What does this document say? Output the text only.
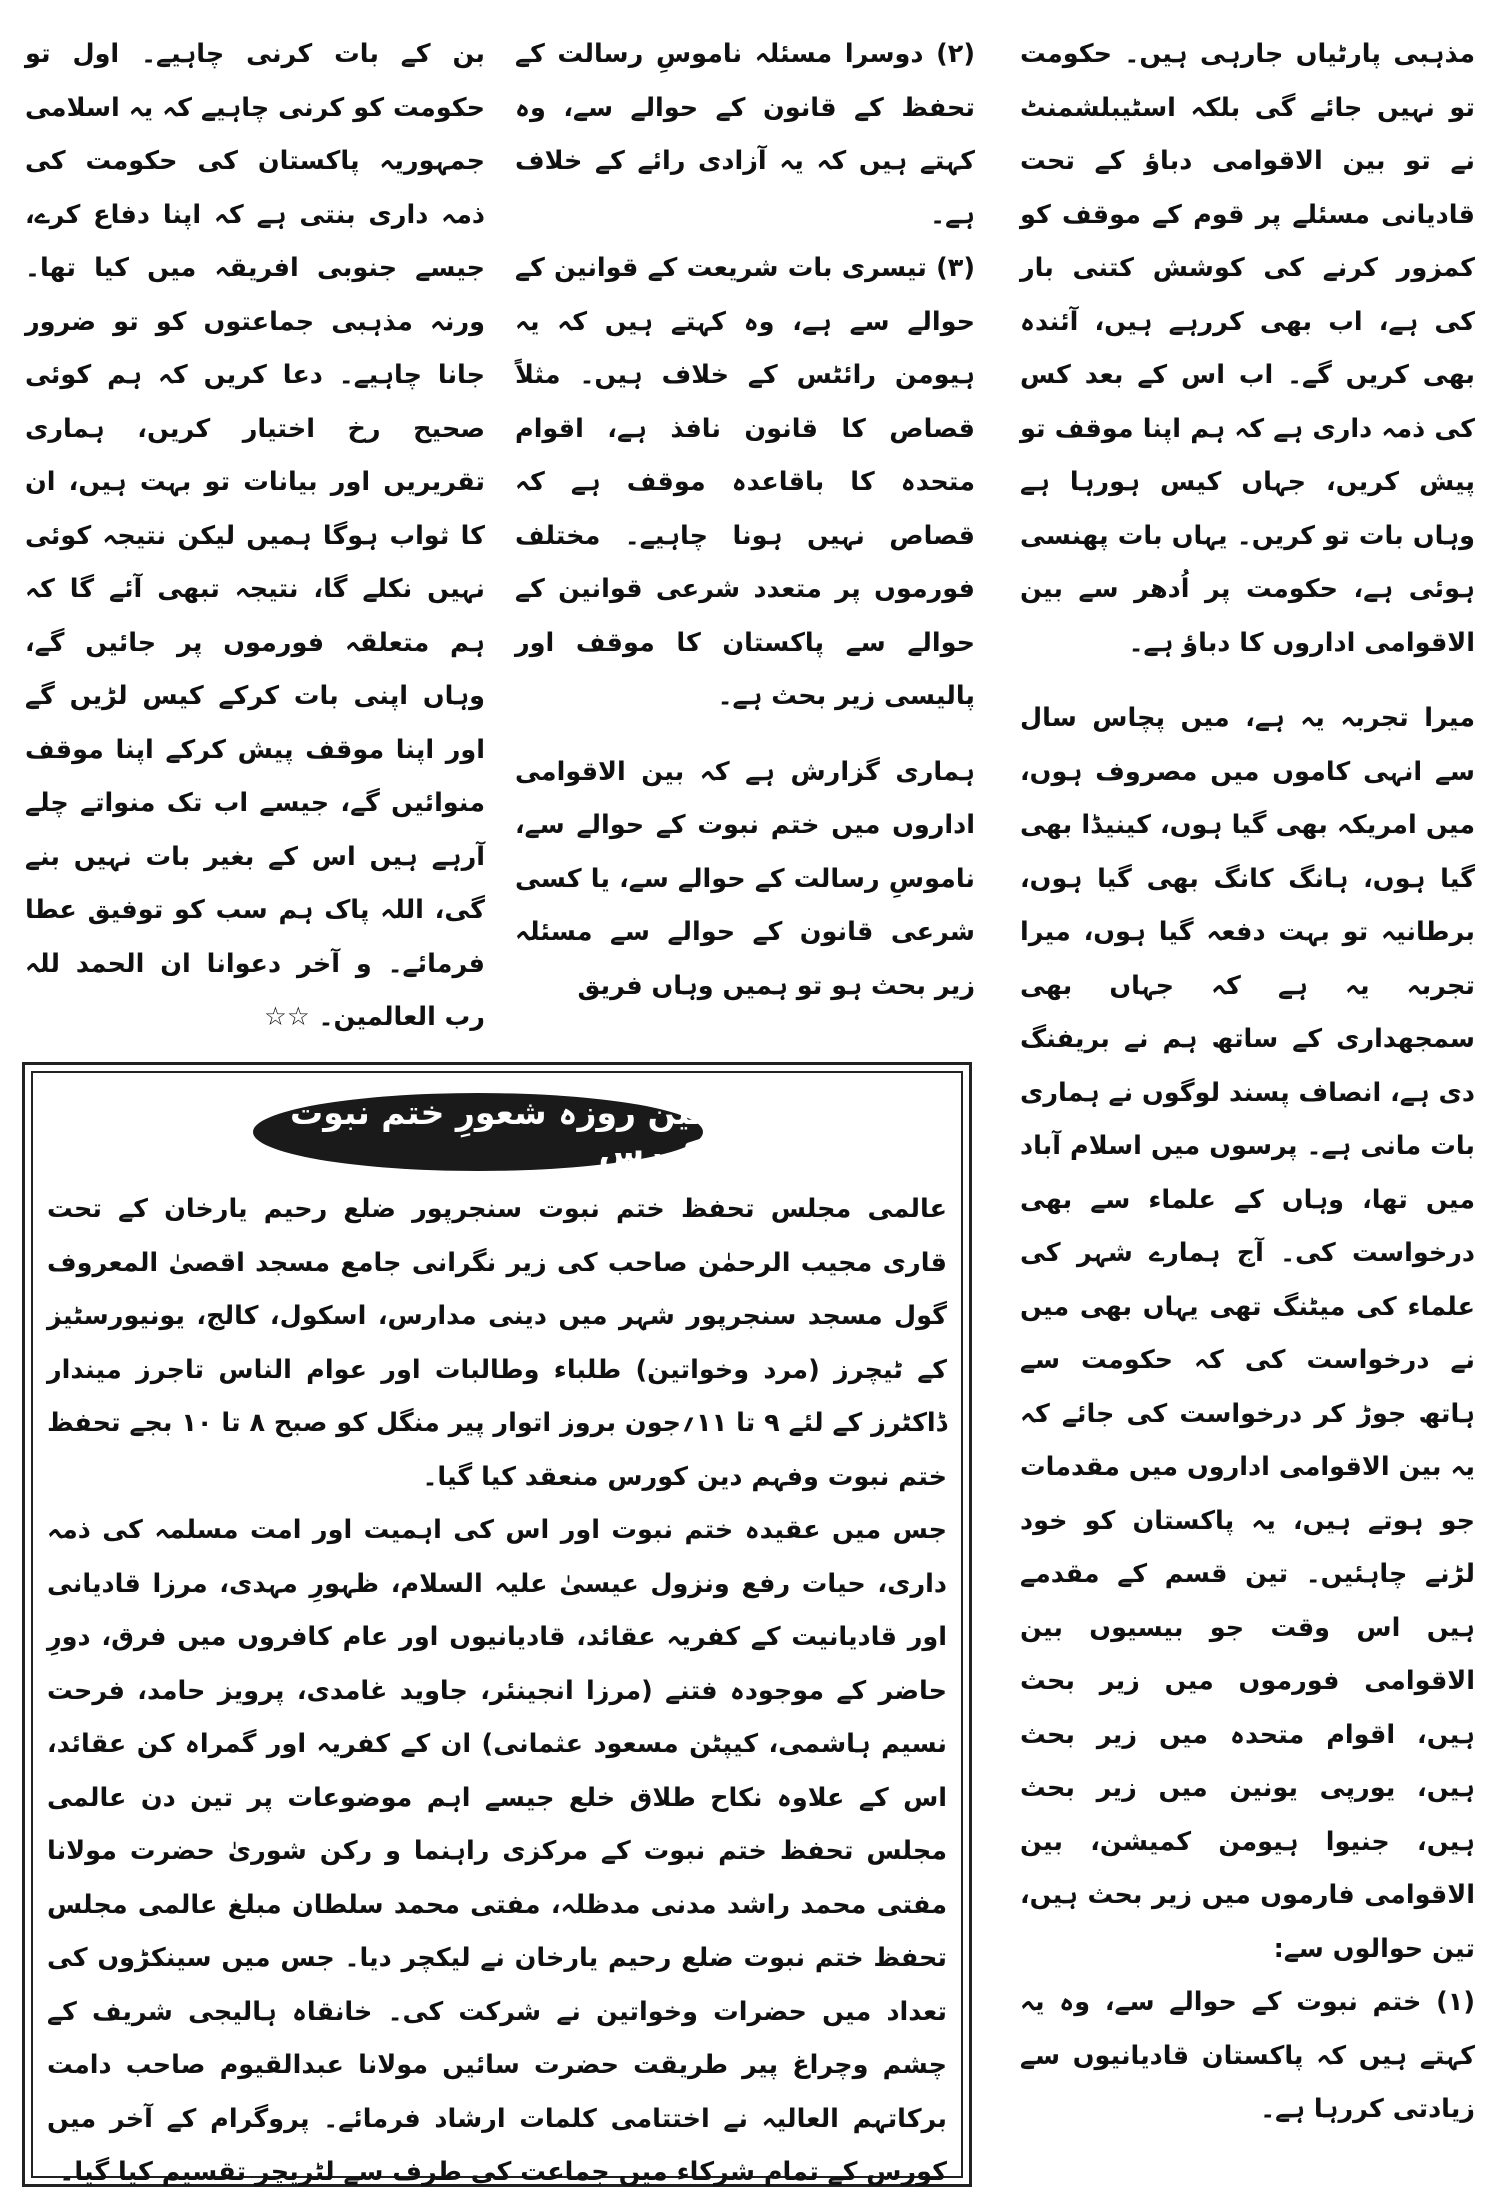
مذہبی پارٹیاں جارہی ہیں۔ حکومت تو نہیں جائے گی بلکہ اسٹیبلشمنٹ نے تو بین الاقوامی دباؤ کے تحت قادیانی مسئلے پر قوم کے موقف کو کمزور کرنے کی کوشش کتنی بار کی ہے، اب بھی کررہے ہیں، آئندہ بھی کریں گے۔ اب اس کے بعد کس کی ذمہ داری ہے کہ ہم اپنا موقف تو پیش کریں، جہاں کیس ہورہا ہے وہاں بات تو کریں۔ یہاں بات پھنسی ہوئی ہے، حکومت پر اُدھر سے بین الاقوامی اداروں کا دباؤ ہے۔

میرا تجربہ یہ ہے، میں پچاس سال سے انہی کاموں میں مصروف ہوں، میں امریکہ بھی گیا ہوں، کینیڈا بھی گیا ہوں، ہانگ کانگ بھی گیا ہوں، برطانیہ تو بہت دفعہ گیا ہوں، میرا تجربہ یہ ہے کہ جہاں بھی سمجھداری کے ساتھ ہم نے بریفنگ دی ہے، انصاف پسند لوگوں نے ہماری بات مانی ہے۔ پرسوں میں اسلام آباد میں تھا، وہاں کے علماء سے بھی درخواست کی۔ آج ہمارے شہر کی علماء کی میٹنگ تھی یہاں بھی میں نے درخواست کی کہ حکومت سے ہاتھ جوڑ کر درخواست کی جائے کہ یہ بین الاقوامی اداروں میں مقدمات جو ہوتے ہیں، یہ پاکستان کو خود لڑنے چاہئیں۔ تین قسم کے مقدمے ہیں اس وقت جو بیسیوں بین الاقوامی فورموں میں زیر بحث ہیں، اقوام متحدہ میں زیر بحث ہیں، یورپی یونین میں زیر بحث ہیں، جنیوا ہیومن کمیشن، بین الاقوامی فارموں میں زیر بحث ہیں، تین حوالوں سے:

(۱) ختم نبوت کے حوالے سے، وہ یہ کہتے ہیں کہ پاکستان قادیانیوں سے زیادتی کررہا ہے۔

(۲) دوسرا مسئلہ ناموسِ رسالت کے تحفظ کے قانون کے حوالے سے، وہ کہتے ہیں کہ یہ آزادی رائے کے خلاف ہے۔

(۳) تیسری بات شریعت کے قوانین کے حوالے سے ہے، وہ کہتے ہیں کہ یہ ہیومن رائٹس کے خلاف ہیں۔ مثلاً قصاص کا قانون نافذ ہے، اقوام متحدہ کا باقاعدہ موقف ہے کہ قصاص نہیں ہونا چاہیے۔ مختلف فورموں پر متعدد شرعی قوانین کے حوالے سے پاکستان کا موقف اور پالیسی زیر بحث ہے۔

ہماری گزارش ہے کہ بین الاقوامی اداروں میں ختم نبوت کے حوالے سے، ناموسِ رسالت کے حوالے سے، یا کسی شرعی قانون کے حوالے سے مسئلہ زیر بحث ہو تو ہمیں وہاں فریق

بن کے بات کرنی چاہیے۔ اول تو حکومت کو کرنی چاہیے کہ یہ اسلامی جمہوریہ پاکستان کی حکومت کی ذمہ داری بنتی ہے کہ اپنا دفاع کرے، جیسے جنوبی افریقہ میں کیا تھا۔ ورنہ مذہبی جماعتوں کو تو ضرور جانا چاہیے۔ دعا کریں کہ ہم کوئی صحیح رخ اختیار کریں، ہماری تقریریں اور بیانات تو بہت ہیں، ان کا ثواب ہوگا ہمیں لیکن نتیجہ کوئی نہیں نکلے گا، نتیجہ تبھی آئے گا کہ ہم متعلقہ فورموں پر جائیں گے، وہاں اپنی بات کرکے کیس لڑیں گے اور اپنا موقف پیش کرکے اپنا موقف منوائیں گے، جیسے اب تک منواتے چلے آرہے ہیں اس کے بغیر بات نہیں بنے گی، اللہ پاک ہم سب کو توفیق عطا فرمائے۔ و آخر دعوانا ان الحمد للہ رب العالمین۔ ☆☆

تین روزہ شعورِ ختم نبوت کورس

عالمی مجلس تحفظ ختم نبوت سنجرپور ضلع رحیم یارخان کے تحت قاری مجیب الرحمٰن صاحب کی زیر نگرانی جامع مسجد اقصیٰ المعروف گول مسجد سنجرپور شہر میں دینی مدارس، اسکول، کالج، یونیورسٹیز کے ٹیچرز (مرد وخواتین) طلباء وطالبات اور عوام الناس تاجرز میندار ڈاکٹرز کے لئے ۹ تا ۱۱؍جون بروز اتوار پیر منگل کو صبح ۸ تا ۱۰ بجے تحفظ ختم نبوت وفہم دین کورس منعقد کیا گیا۔

جس میں عقیدہ ختم نبوت اور اس کی اہمیت اور امت مسلمہ کی ذمہ داری، حیات رفع ونزول عیسیٰ علیہ السلام، ظہورِ مہدی، مرزا قادیانی اور قادیانیت کے کفریہ عقائد، قادیانیوں اور عام کافروں میں فرق، دورِ حاضر کے موجودہ فتنے (مرزا انجینئر، جاوید غامدی، پرویز حامد، فرحت نسیم ہاشمی، کیپٹن مسعود عثمانی) ان کے کفریہ اور گمراہ کن عقائد، اس کے علاوہ نکاح طلاق خلع جیسے اہم موضوعات پر تین دن عالمی مجلس تحفظ ختم نبوت کے مرکزی راہنما و رکن شوریٰ حضرت مولانا مفتی محمد راشد مدنی مدظلہ، مفتی محمد سلطان مبلغ عالمی مجلس تحفظ ختم نبوت ضلع رحیم یارخان نے لیکچر دیا۔ جس میں سینکڑوں کی تعداد میں حضرات وخواتین نے شرکت کی۔ خانقاہ ہالیجی شریف کے چشم وچراغ پیر طریقت حضرت سائیں مولانا عبدالقیوم صاحب دامت برکاتہم العالیہ نے اختتامی کلمات ارشاد فرمائے۔ پروگرام کے آخر میں کورس کے تمام شرکاء میں جماعت کی طرف سے لٹریچر تقسیم کیا گیا۔
